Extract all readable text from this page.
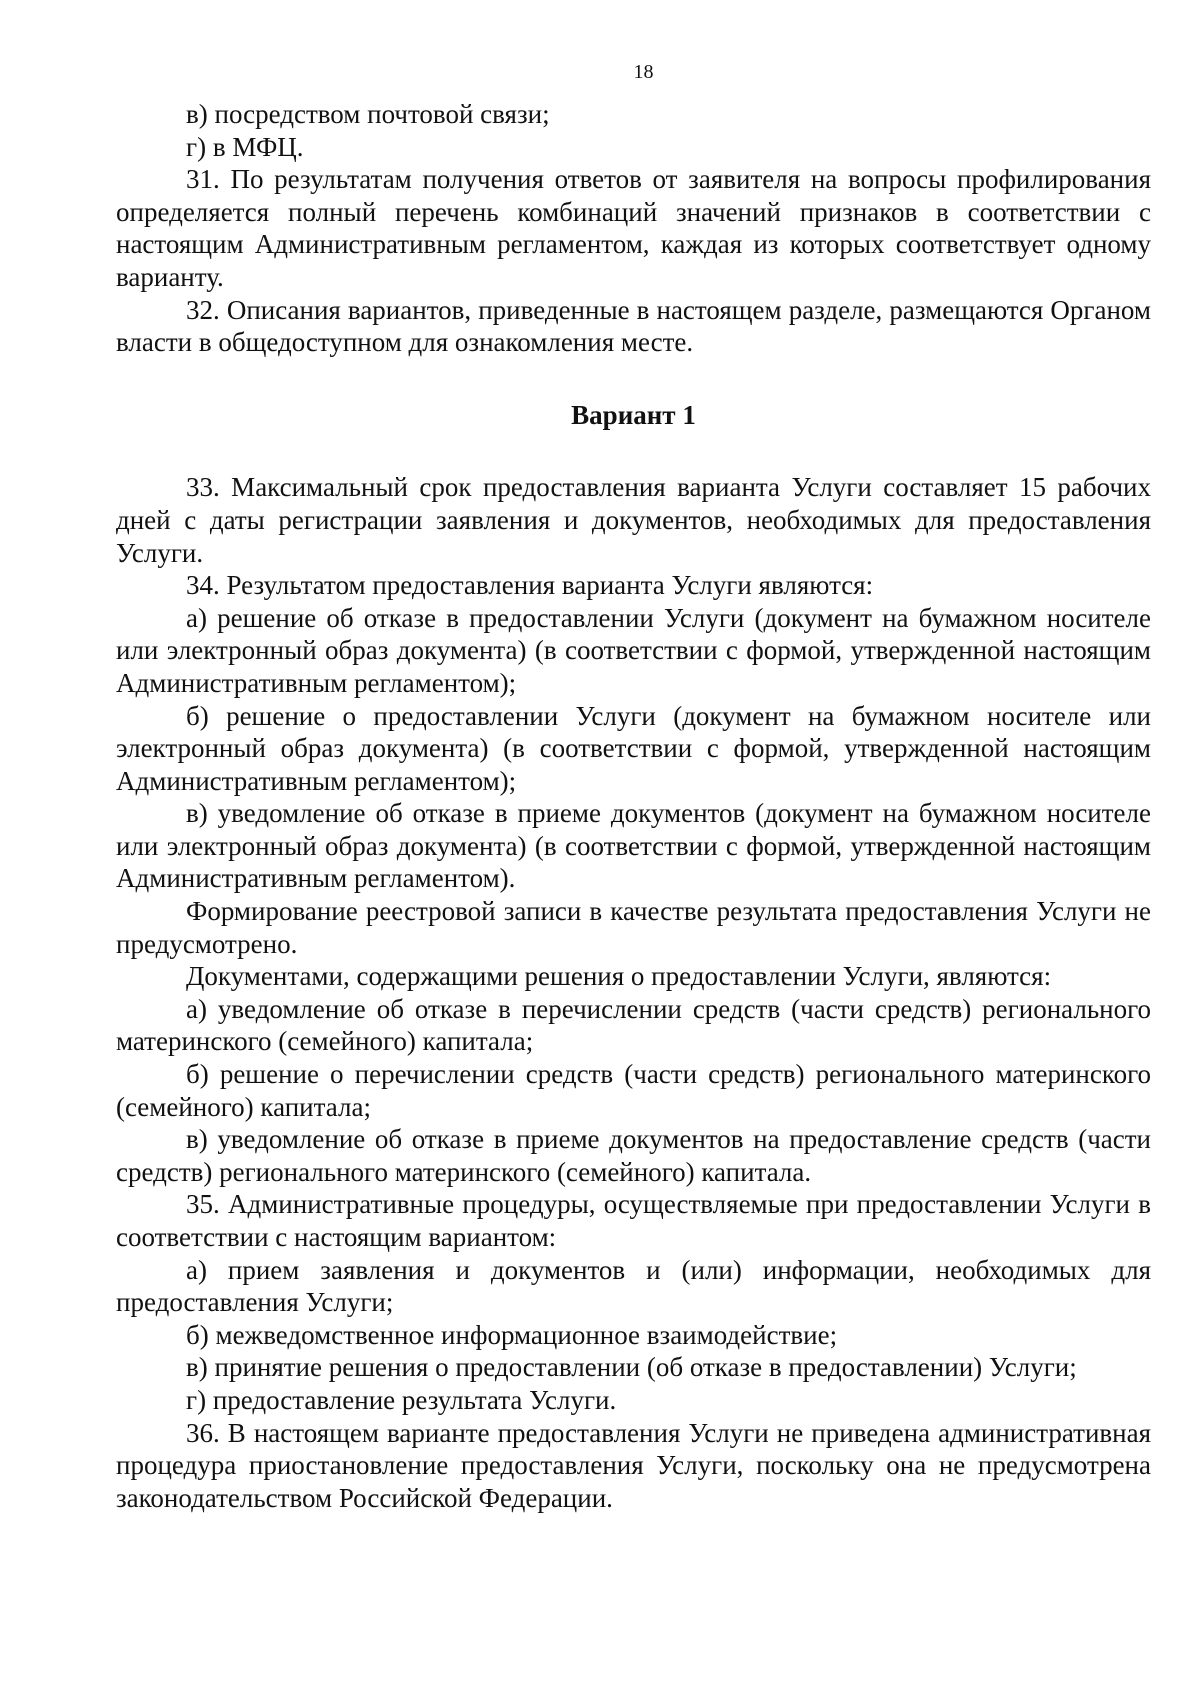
18

в) посредством почтовой связи;

г) в МФЦ.

31. По результатам получения ответов от заявителя на вопросы профилирования определяется полный перечень комбинаций значений признаков в соответствии с настоящим Административным регламентом, каждая из которых соответствует одному варианту.

32. Описания вариантов, приведенные в настоящем разделе, размещаются Органом власти в общедоступном для ознакомления месте.

Вариант 1

33. Максимальный срок предоставления варианта Услуги составляет 15 рабочих дней с даты регистрации заявления и документов, необходимых для предоставления Услуги.

34. Результатом предоставления варианта Услуги являются:

а) решение об отказе в предоставлении Услуги (документ на бумажном носителе или электронный образ документа) (в соответствии с формой, утвержденной настоящим Административным регламентом);

б) решение о предоставлении Услуги (документ на бумажном носителе или электронный образ документа) (в соответствии с формой, утвержденной настоящим Административным регламентом);

в) уведомление об отказе в приеме документов (документ на бумажном носителе или электронный образ документа) (в соответствии с формой, утвержденной настоящим Административным регламентом).

Формирование реестровой записи в качестве результата предоставления Услуги не предусмотрено.

Документами, содержащими решения о предоставлении Услуги, являются:

а) уведомление об отказе в перечислении средств (части средств) регионального материнского (семейного) капитала;

б) решение о перечислении средств (части средств) регионального материнского (семейного) капитала;

в) уведомление об отказе в приеме документов на предоставление средств (части средств) регионального материнского (семейного) капитала.

35. Административные процедуры, осуществляемые при предоставлении Услуги в соответствии с настоящим вариантом:

а) прием заявления и документов и (или) информации, необходимых для предоставления Услуги;

б) межведомственное информационное взаимодействие;

в) принятие решения о предоставлении (об отказе в предоставлении) Услуги;

г) предоставление результата Услуги.

36. В настоящем варианте предоставления Услуги не приведена административная процедура приостановление предоставления Услуги, поскольку она не предусмотрена законодательством Российской Федерации.
